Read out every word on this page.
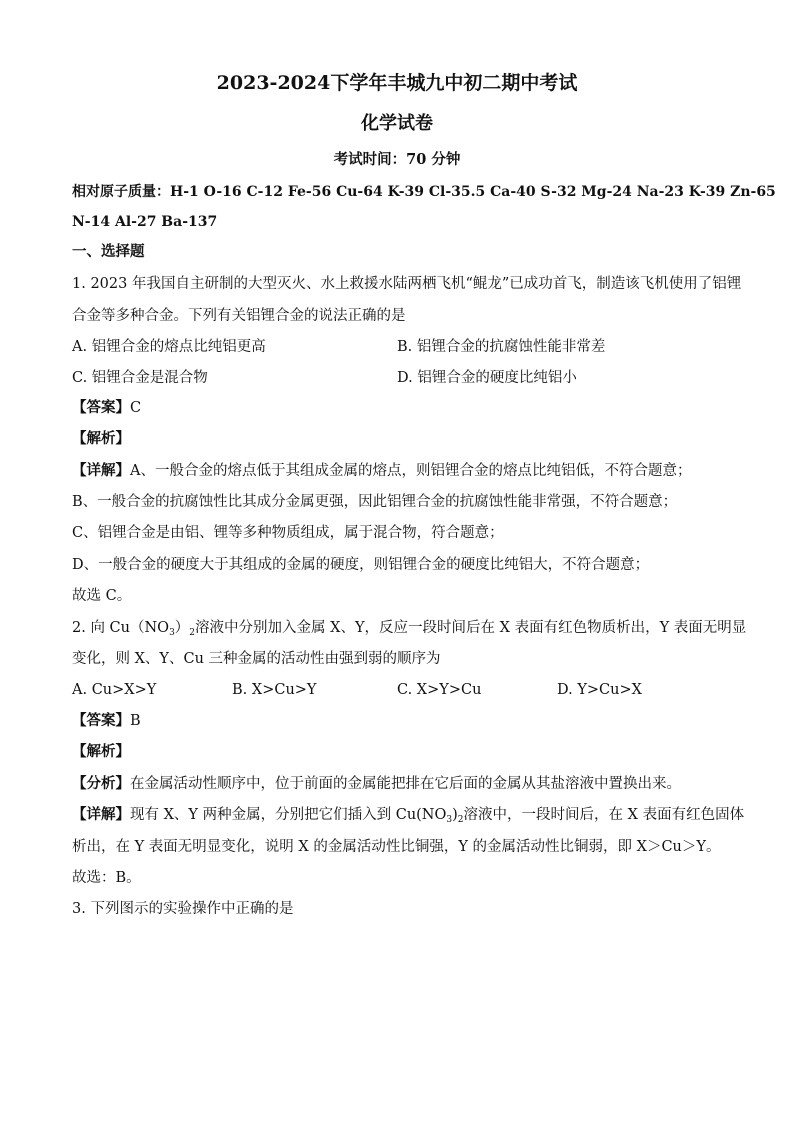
2023-2024下学年丰城九中初二期中考试
化学试卷
考试时间：70 分钟
相对原子质量：H-1 O-16 C-12 Fe-56 Cu-64 K-39 Cl-35.5 Ca-40 S-32 Mg-24 Na-23 K-39 Zn-65
N-14 Al-27 Ba-137
一、选择题
1. 2023 年我国自主研制的大型灭火、水上救援水陆两栖飞机“鲲龙”已成功首飞，制造该飞机使用了铝锂
合金等多种合金。下列有关铝锂合金的说法正确的是
A. 铝锂合金的熔点比纯铝更高	B. 铝锂合金的抗腐蚀性能非常差
C. 铝锂合金是混合物	D. 铝锂合金的硬度比纯铝小
【答案】C
【解析】
【详解】A、一般合金的熔点低于其组成金属的熔点，则铝锂合金的熔点比纯铝低，不符合题意；
B、一般合金的抗腐蚀性比其成分金属更强，因此铝锂合金的抗腐蚀性能非常强，不符合题意；
C、铝锂合金是由铝、锂等多种物质组成，属于混合物，符合题意；
D、一般合金的硬度大于其组成的金属的硬度，则铝锂合金的硬度比纯铝大，不符合题意；
故选 C。
2. 向 $Cu(NO_3)_2$溶液中分别加入金属 X、Y，反应一段时间后在 X 表面有红色物质析出，Y 表面无明显
变化，则 X、Y、Cu 三种金属的活动性由强到弱的顺序为
A. Cu>X>Y	B. X>Cu>Y	C. X>Y>Cu	D. Y>Cu>X
【答案】B
【解析】
【分析】在金属活动性顺序中，位于前面的金属能把排在它后面的金属从其盐溶液中置换出来。
【详解】现有 X、Y 两种金属，分别把它们插入到 $Cu(NO_3)_2$溶液中，一段时间后，在 X 表面有红色固体
析出，在 Y 表面无明显变化，说明 X 的金属活动性比铜强，Y 的金属活动性比铜弱，即 X＞Cu＞Y。
故选：B。
3. 下列图示的实验操作中正确的是
